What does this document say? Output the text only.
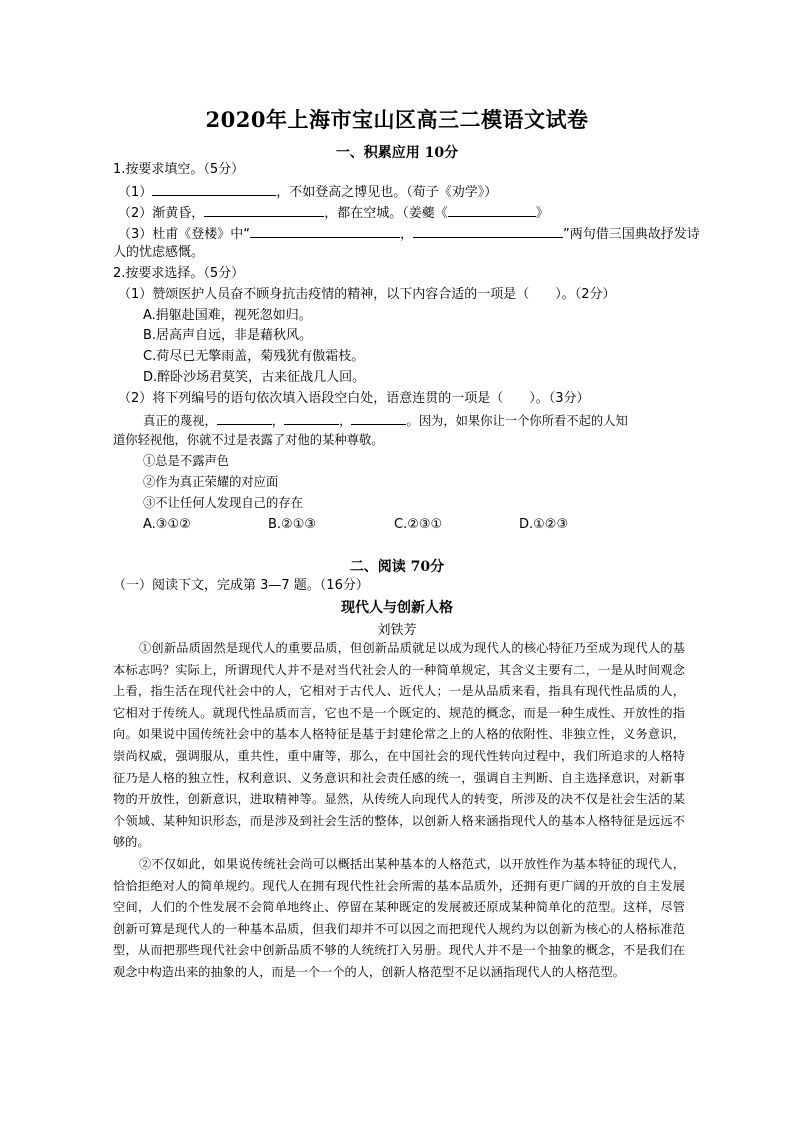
2020年上海市宝山区高三二模语文试卷
一、积累应用 10分
1.按要求填空。（5分）
（1）	，不如登高之博见也。（荀子《劝学》）
（2）渐黄昏，	，都在空城。（姜夔《	》
（3）杜甫《登楼》中“	，	”两句借三国典故抒发诗
人的忧虑感慨。
2.按要求选择。（5分）
（1）赞颂医护人员奋不顾身抗击疫情的精神，以下内容合适的一项是（　　）。（2分）
A.捐躯赴国难，视死忽如归。
B.居高声自远，非是藉秋风。
C.荷尽已无擎雨盖，菊残犹有傲霜枝。
D.醉卧沙场君莫笑，古来征战几人回。
（2）将下列编号的语句依次填入语段空白处，语意连贯的一项是（　　）。（3分）
真正的蔑视，	，	，	。因为，如果你让一个你所看不起的人知
道你轻视他，你就不过是表露了对他的某种尊敬。
①总是不露声色
②作为真正荣耀的对应面
③不让任何人发现自己的存在
A.③①②	B.②①③	C.②③①	D.①②③
二、阅读 70分
（一）阅读下文，完成第 3—7 题。（16分）
现代人与创新人格
刘铁芳

①创新品质固然是现代人的重要品质，但创新品质就足以成为现代人的核心特征乃至成为现代人的基本标志吗？实际上，所谓现代人并不是对当代社会人的一种简单规定，其含义主要有二，一是从时间观念上看，指生活在现代社会中的人，它相对于古代人、近代人；一是从品质来看，指具有现代性品质的人，它相对于传统人。就现代性品质而言，它也不是一个既定的、规范的概念，而是一种生成性、开放性的指向。如果说中国传统社会中的基本人格特征是基于封建伦常之上的人格的依附性、非独立性，义务意识，崇尚权威，强调服从，重共性，重中庸等，那么，在中国社会的现代性转向过程中，我们所追求的人格特征乃是人格的独立性，权利意识、义务意识和社会责任感的统一，强调自主判断、自主选择意识，对新事物的开放性，创新意识，进取精神等。显然，从传统人向现代人的转变，所涉及的决不仅是社会生活的某个领域、某种知识形态，而是涉及到社会生活的整体，以创新人格来涵指现代人的基本人格特征是远远不够的。

②不仅如此，如果说传统社会尚可以概括出某种基本的人格范式，以开放性作为基本特征的现代人，恰恰拒绝对人的简单规约。现代人在拥有现代性社会所需的基本品质外，还拥有更广阔的开放的自主发展空间，人们的个性发展不会简单地终止、停留在某种既定的发展被还原成某种简单化的范型。这样，尽管创新可算是现代人的一种基本品质，但我们却并不可以因之而把现代人规约为以创新为核心的人格标准范型，从而把那些现代社会中创新品质不够的人统统打入另册。现代人并不是一个抽象的概念，不是我们在观念中构造出来的抽象的人，而是一个一个的人，创新人格范型不足以涵指现代人的人格范型。
